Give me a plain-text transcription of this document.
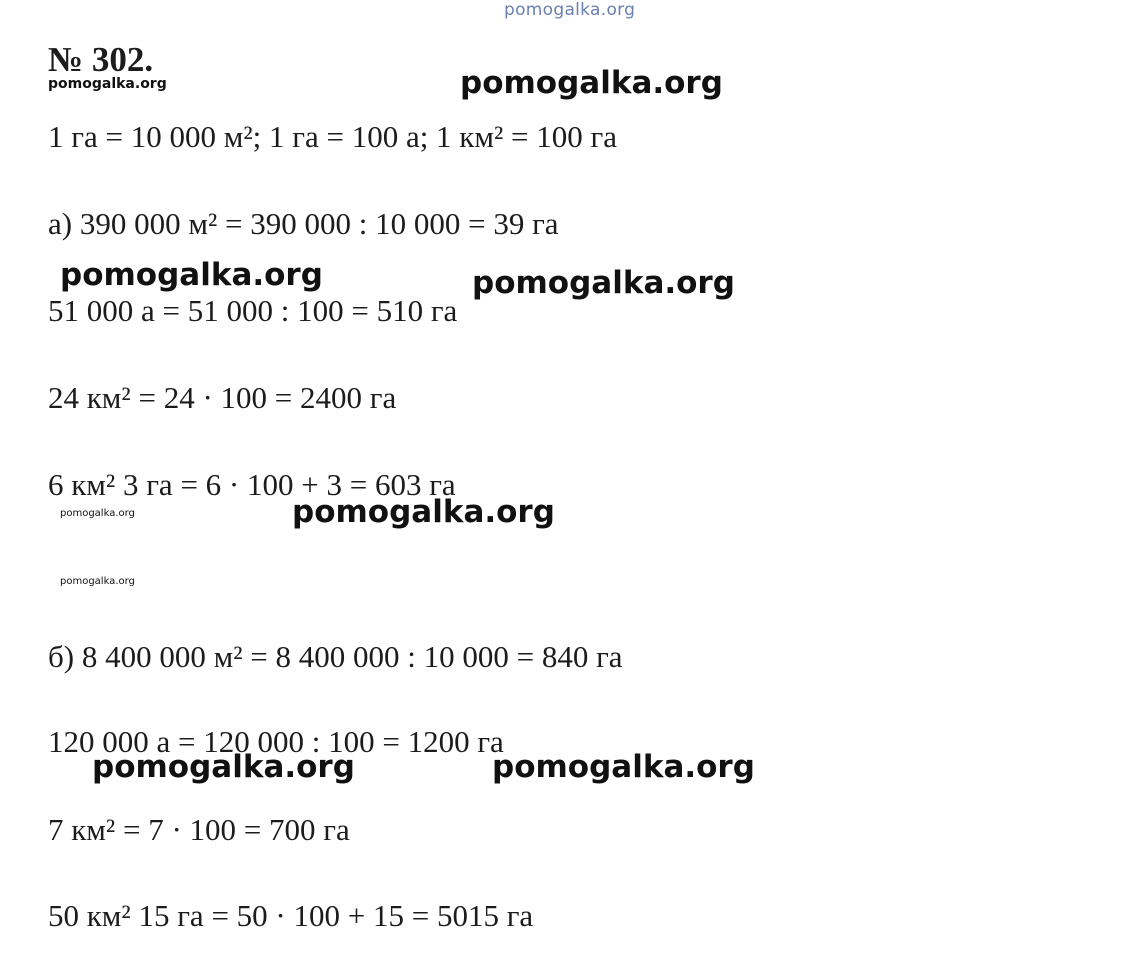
pomogalka.org
pomogalka.org	pomogalka.org
pomogalka.org	pomogalka.org
pomogalka.org
pomogalka.org
pomogalka.org
pomogalka.org	pomogalka.org
№ 302.
1 га = 10 000 м²; 1 га = 100 а; 1 км² = 100 га
а) 390 000 м² = 390 000 : 10 000 = 39 га
51 000 а = 51 000 : 100 = 510 га
24 км² = 24 · 100 = 2400 га
6 км² 3 га = 6 · 100 + 3 = 603 га
б) 8 400 000 м² = 8 400 000 : 10 000 = 840 га
120 000 а = 120 000 : 100 = 1200 га
7 км² = 7 · 100 = 700 га
50 км² 15 га = 50 · 100 + 15 = 5015 га
